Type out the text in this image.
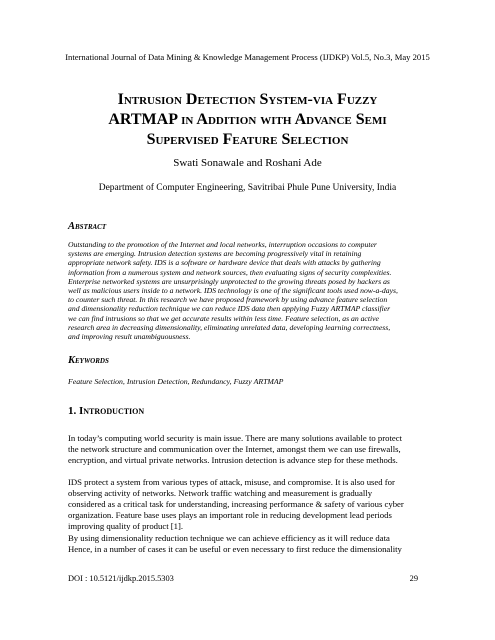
International Journal of Data Mining & Knowledge Management Process (IJDKP) Vol.5, No.3, May 2015
Intrusion Detection System-via Fuzzy
ARTMAP in Addition with Advance Semi
Supervised Feature Selection
Swati Sonawale and Roshani Ade
Department of Computer Engineering, Savitribai Phule Pune University, India
Abstract
Outstanding to the promotion of the Internet and local networks, interruption occasions to computer
systems are emerging. Intrusion detection systems are becoming progressively vital in retaining
appropriate network safety. IDS is a software or hardware device that deals with attacks by gathering
information from a numerous system and network sources, then evaluating signs of security complexities.
Enterprise networked systems are unsurprisingly unprotected to the growing threats posed by hackers as
well as malicious users inside to a network. IDS technology is one of the significant tools used now-a-days,
to counter such threat. In this research we have proposed framework by using advance feature selection
and dimensionality reduction technique we can reduce IDS data then applying Fuzzy ARTMAP classifier
we can find intrusions so that we get accurate results within less time. Feature selection, as an active
research area in decreasing dimensionality, eliminating unrelated data, developing learning correctness,
and improving result unambiguousness.
Keywords
Feature Selection, Intrusion Detection, Redundancy, Fuzzy ARTMAP
1. Introduction
In today’s computing world security is main issue. There are many solutions available to protect
the network structure and communication over the Internet, amongst them we can use firewalls,
encryption, and virtual private networks. Intrusion detection is advance step for these methods.
IDS protect a system from various types of attack, misuse, and compromise. It is also used for
observing activity of networks. Network traffic watching and measurement is gradually
considered as a critical task for understanding, increasing performance & safety of various cyber
organization. Feature base uses plays an important role in reducing development lead periods
improving quality of product [1].
By using dimensionality reduction technique we can achieve efficiency as it will reduce data
Hence, in a number of cases it can be useful or even necessary to first reduce the dimensionality
DOI : 10.5121/ijdkp.2015.5303	29
